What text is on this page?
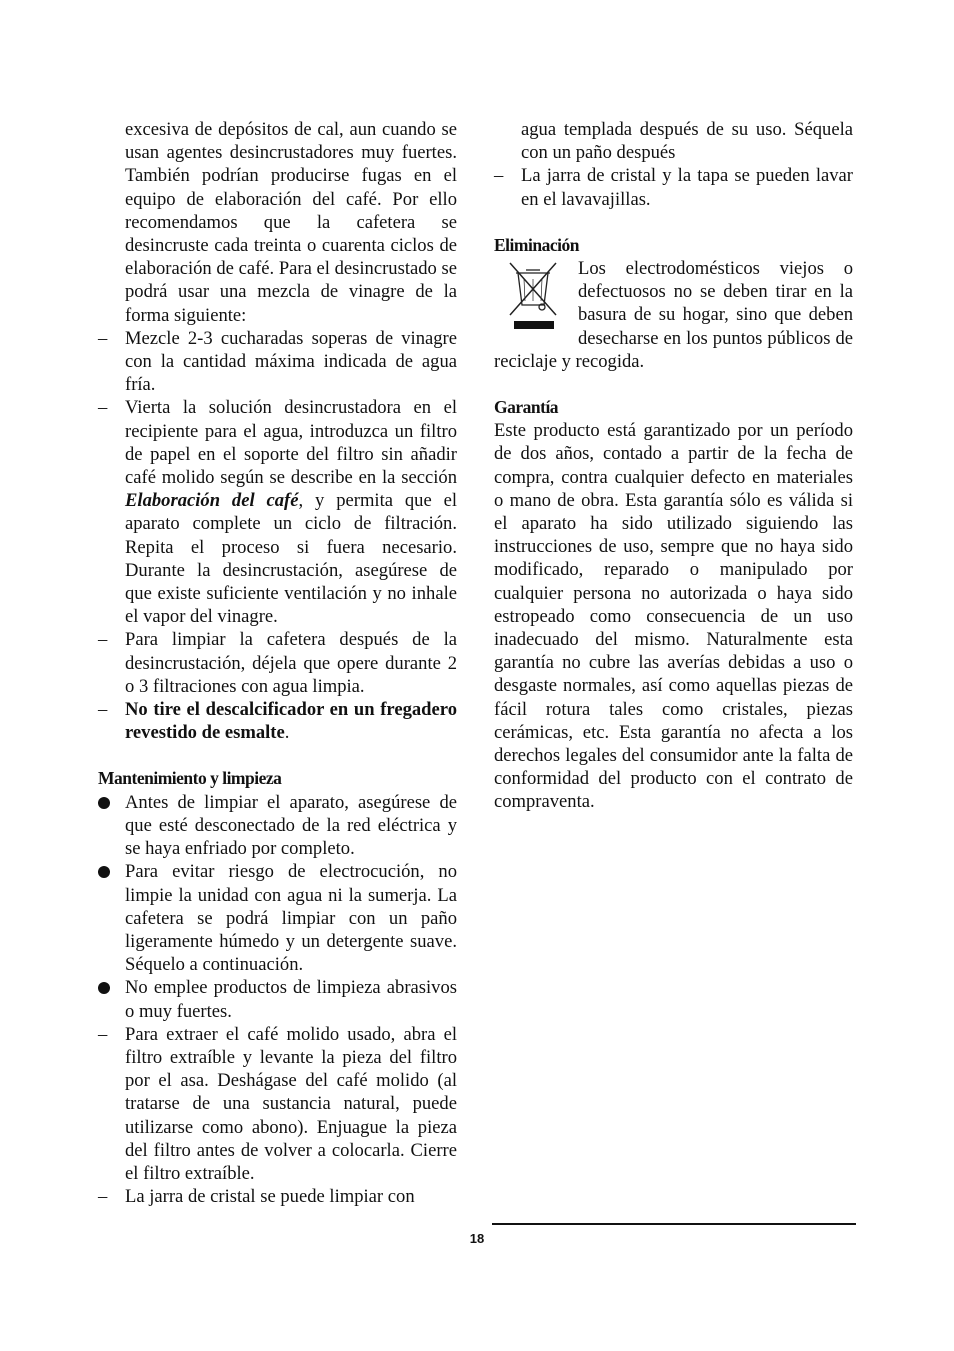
excesiva de depósitos de cal, aun cuando se usan agentes desincrustadores muy fuertes. También podrían producirse fugas en el equipo de elaboración del café. Por ello recomendamos que la cafetera se desincruste cada treinta o cuarenta ciclos de elaboración de café. Para el desincrustado se podrá usar una mezcla de vinagre de la forma siguiente:

– Mezcle 2-3 cucharadas soperas de vinagre con la cantidad máxima indicada de agua fría.
– Vierta la solución desincrustadora en el recipiente para el agua, introduzca un filtro de papel en el soporte del filtro sin añadir café molido según se describe en la sección Elaboración del café, y permita que el aparato complete un ciclo de filtración. Repita el proceso si fuera necesario. Durante la desincrustación, asegúrese de que existe suficiente ventilación y no inhale el vapor del vinagre.
– Para limpiar la cafetera después de la desincrustación, déjela que opere durante 2 o 3 filtraciones con agua limpia.
– No tire el descalcificador en un fregadero revestido de esmalte.
Mantenimiento y limpieza
Antes de limpiar el aparato, asegúrese de que esté desconectado de la red eléctrica y se haya enfriado por completo.
Para evitar riesgo de electrocución, no limpie la unidad con agua ni la sumerja. La cafetera se podrá limpiar con un paño ligeramente húmedo y un detergente suave. Séquelo a continuación.
No emplee productos de limpieza abrasivos o muy fuertes.
– Para extraer el café molido usado, abra el filtro extraíble y levante la pieza del filtro por el asa. Deshágase del café molido (al tratarse de una sustancia natural, puede utilizarse como abono). Enjuague la pieza del filtro antes de volver a colocarla. Cierre el filtro extraíble.
– La jarra de cristal se puede limpiar con

agua templada después de su uso. Séquela con un paño después

– La jarra de cristal y la tapa se pueden lavar en el lavavajillas.
Eliminación
Los electrodomésticos viejos o defectuosos no se deben tirar en la basura de su hogar, sino que deben desecharse en los puntos públicos de reciclaje y recogida.
Garantía

Este producto está garantizado por un período de dos años, contado a partir de la fecha de compra, contra cualquier defecto en materiales o mano de obra. Esta garantía sólo es válida si el aparato ha sido utilizado siguiendo las instrucciones de uso, sempre que no haya sido modificado, reparado o manipulado por cualquier persona no autorizada o haya sido estropeado como consecuencia de un uso inadecuado del mismo. Naturalmente esta garantía no cubre las averías debidas a uso o desgaste normales, así como aquellas piezas de fácil rotura tales como cristales, piezas cerámicas, etc. Esta garantía no afecta a los derechos legales del consumidor ante la falta de conformidad del producto con el contrato de compraventa.

18
